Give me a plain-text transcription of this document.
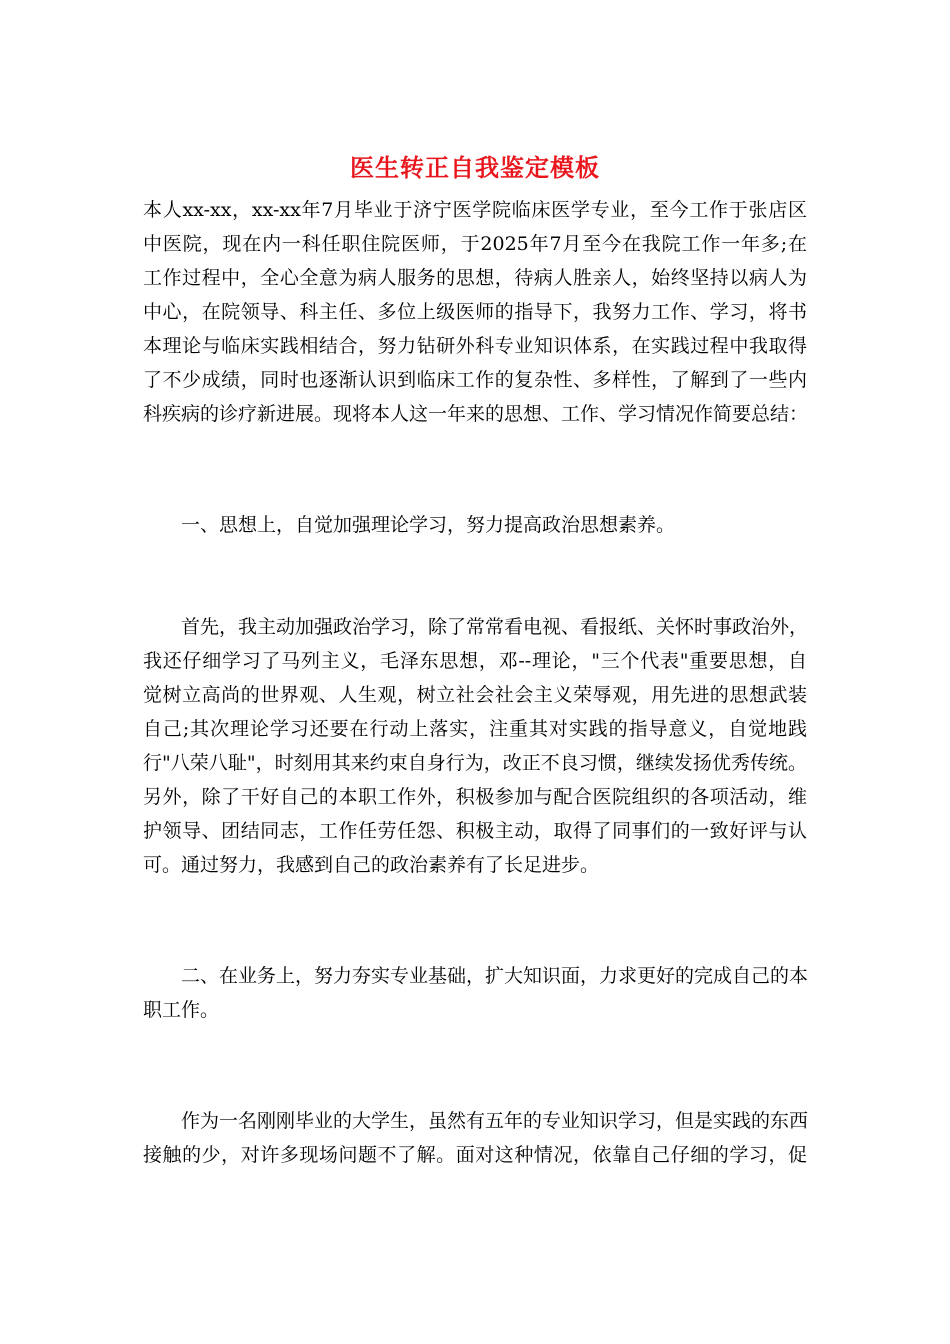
医生转正自我鉴定模板
本人xx-xx，xx-xx年7月毕业于济宁医学院临床医学专业，至今工作于张店区
中医院，现在内一科任职住院医师，于2025年7月至今在我院工作一年多;在
工作过程中，全心全意为病人服务的思想，待病人胜亲人，始终坚持以病人为
中心，在院领导、科主任、多位上级医师的指导下，我努力工作、学习，将书
本理论与临床实践相结合，努力钻研外科专业知识体系，在实践过程中我取得
了不少成绩，同时也逐渐认识到临床工作的复杂性、多样性，了解到了一些内
科疾病的诊疗新进展。现将本人这一年来的思想、工作、学习情况作简要总结：
一、思想上，自觉加强理论学习，努力提高政治思想素养。
首先，我主动加强政治学习，除了常常看电视、看报纸、关怀时事政治外，
我还仔细学习了马列主义，毛泽东思想，邓--理论，"三个代表"重要思想，自
觉树立高尚的世界观、人生观，树立社会社会主义荣辱观，用先进的思想武装
自己;其次理论学习还要在行动上落实，注重其对实践的指导意义，自觉地践
行"八荣八耻"，时刻用其来约束自身行为，改正不良习惯，继续发扬优秀传统。
另外，除了干好自己的本职工作外，积极参加与配合医院组织的各项活动，维
护领导、团结同志，工作任劳任怨、积极主动，取得了同事们的一致好评与认
可。通过努力，我感到自己的政治素养有了长足进步。
二、在业务上，努力夯实专业基础，扩大知识面，力求更好的完成自己的本
职工作。
作为一名刚刚毕业的大学生，虽然有五年的专业知识学习，但是实践的东西
接触的少，对许多现场问题不了解。面对这种情况，依靠自己仔细的学习，促
